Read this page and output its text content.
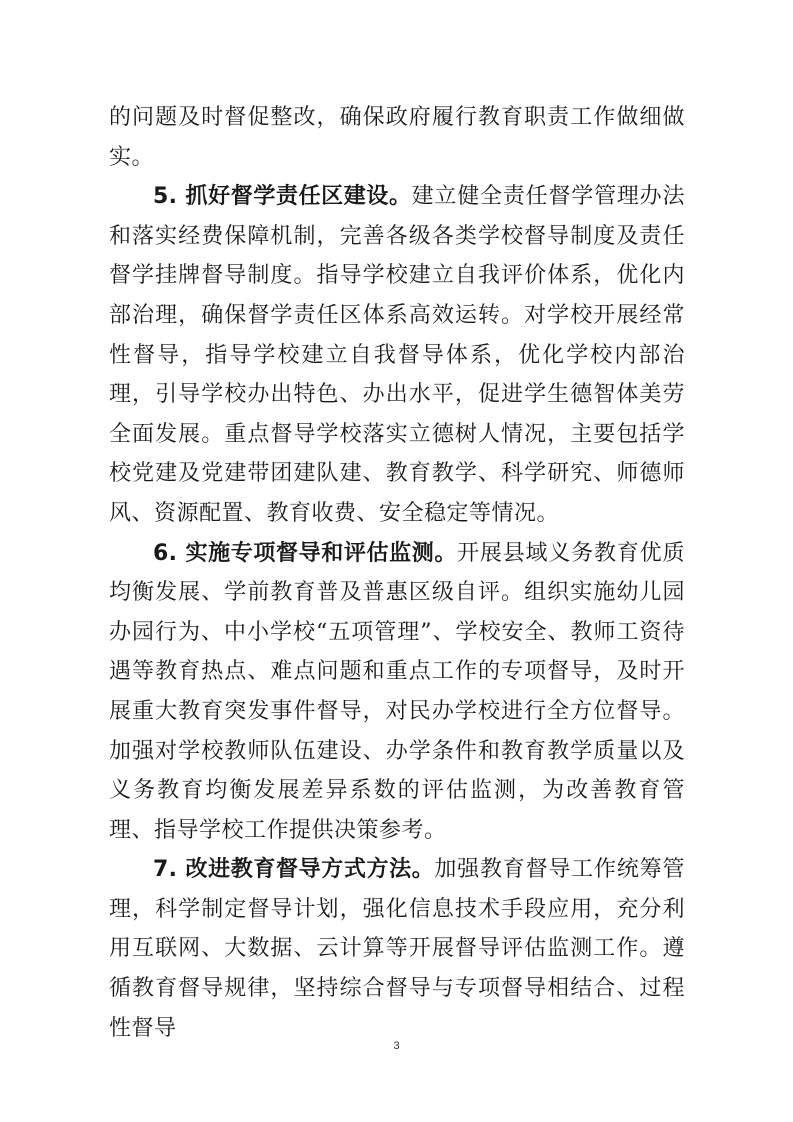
的问题及时督促整改，确保政府履行教育职责工作做细做实。

5. 抓好督学责任区建设。建立健全责任督学管理办法和落实经费保障机制，完善各级各类学校督导制度及责任督学挂牌督导制度。指导学校建立自我评价体系，优化内部治理，确保督学责任区体系高效运转。对学校开展经常性督导，指导学校建立自我督导体系，优化学校内部治理，引导学校办出特色、办出水平，促进学生德智体美劳全面发展。重点督导学校落实立德树人情况，主要包括学校党建及党建带团建队建、教育教学、科学研究、师德师风、资源配置、教育收费、安全稳定等情况。

6. 实施专项督导和评估监测。开展县域义务教育优质均衡发展、学前教育普及普惠区级自评。组织实施幼儿园办园行为、中小学校“五项管理”、学校安全、教师工资待遇等教育热点、难点问题和重点工作的专项督导，及时开展重大教育突发事件督导，对民办学校进行全方位督导。加强对学校教师队伍建设、办学条件和教育教学质量以及义务教育均衡发展差异系数的评估监测，为改善教育管理、指导学校工作提供决策参考。

7. 改进教育督导方式方法。加强教育督导工作统筹管理，科学制定督导计划，强化信息技术手段应用，充分利用互联网、大数据、云计算等开展督导评估监测工作。遵循教育督导规律，坚持综合督导与专项督导相结合、过程性督导

3
